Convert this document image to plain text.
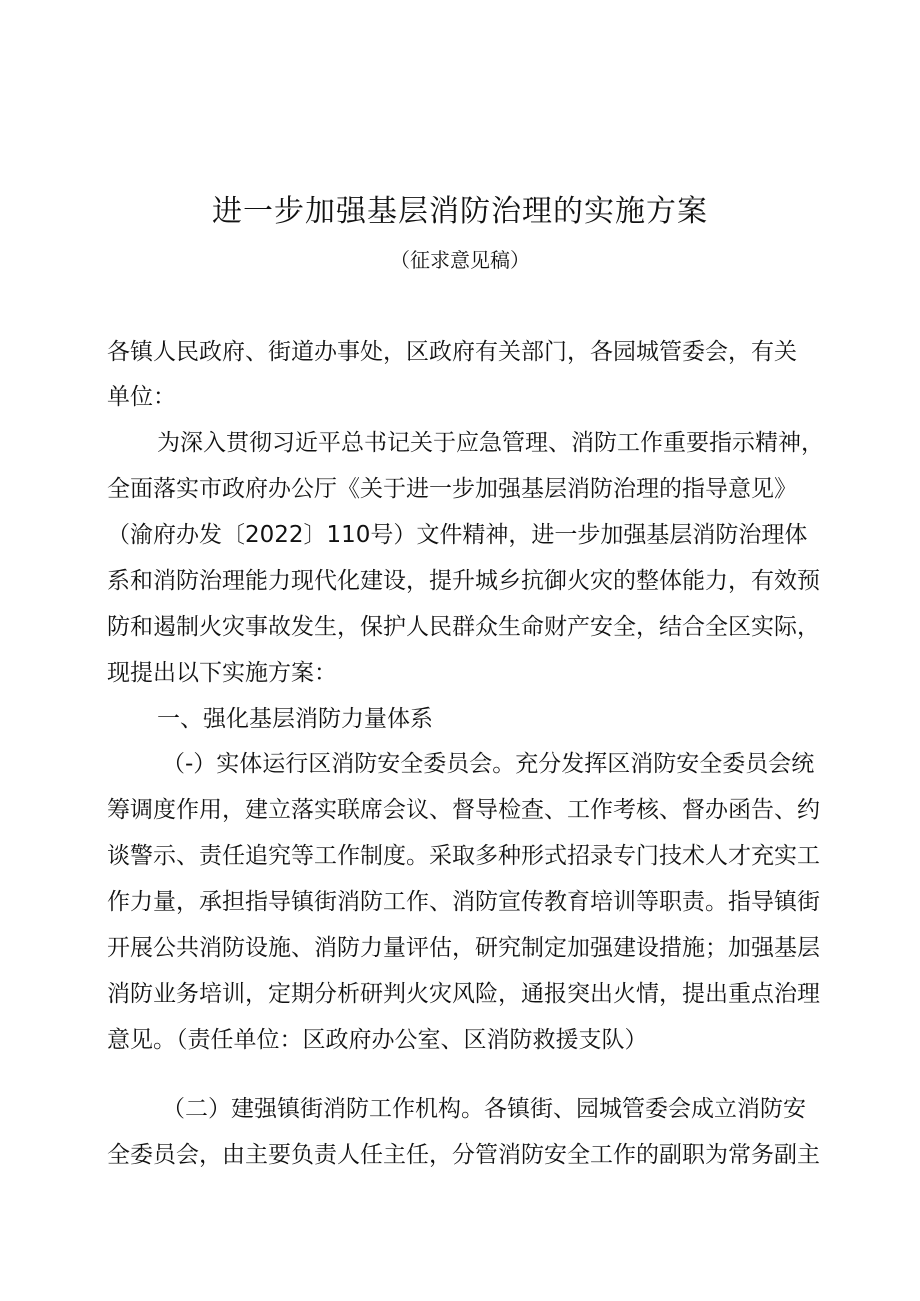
进一步加强基层消防治理的实施方案
（征求意见稿）
各镇人民政府、街道办事处，区政府有关部门，各园城管委会，有关
单位：
为深入贯彻习近平总书记关于应急管理、消防工作重要指示精神，
全面落实市政府办公厅《关于进一步加强基层消防治理的指导意见》
（渝府办发〔2022〕110号）文件精神，进一步加强基层消防治理体
系和消防治理能力现代化建设，提升城乡抗御火灾的整体能力，有效预
防和遏制火灾事故发生，保护人民群众生命财产安全，结合全区实际，
现提出以下实施方案：
一、强化基层消防力量体系
（-）实体运行区消防安全委员会。充分发挥区消防安全委员会统
筹调度作用，建立落实联席会议、督导检查、工作考核、督办函告、约
谈警示、责任追究等工作制度。采取多种形式招录专门技术人才充实工
作力量，承担指导镇街消防工作、消防宣传教育培训等职责。指导镇街
开展公共消防设施、消防力量评估，研究制定加强建设措施；加强基层
消防业务培训，定期分析研判火灾风险，通报突出火情，提出重点治理
意见。（责任单位：区政府办公室、区消防救援支队）
（二）建强镇街消防工作机构。各镇街、园城管委会成立消防安
全委员会，由主要负责人任主任，分管消防安全工作的副职为常务副主
